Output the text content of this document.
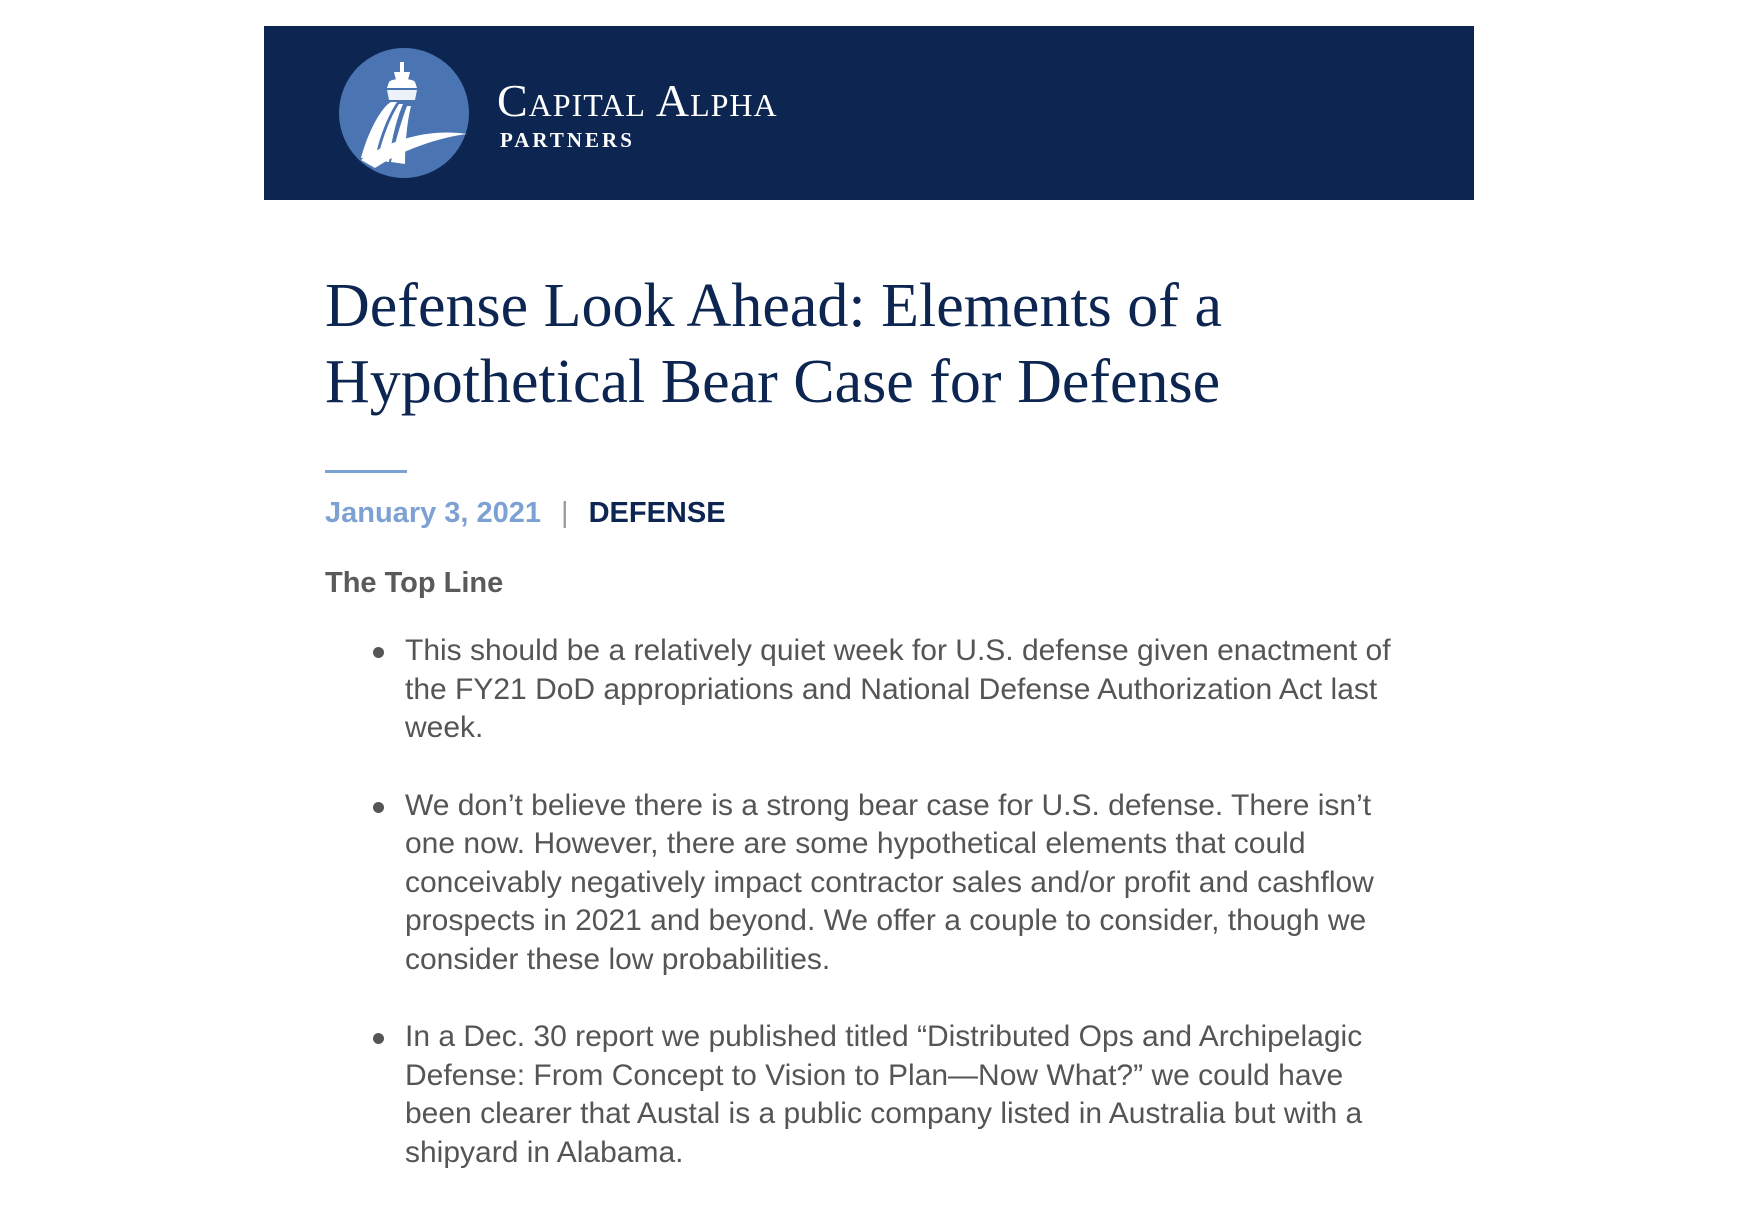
Capital Alpha
PARTNERS
Defense Look Ahead: Elements of a Hypothetical Bear Case for Defense
January 3, 2021 | DEFENSE
The Top Line
This should be a relatively quiet week for U.S. defense given enactment of the FY21 DoD appropriations and National Defense Authorization Act last week.
We don’t believe there is a strong bear case for U.S. defense. There isn’t one now. However, there are some hypothetical elements that could conceivably negatively impact contractor sales and/or profit and cashflow prospects in 2021 and beyond. We offer a couple to consider, though we consider these low probabilities.
In a Dec. 30 report we published titled “Distributed Ops and Archipelagic Defense: From Concept to Vision to Plan—Now What?” we could have been clearer that Austal is a public company listed in Australia but with a shipyard in Alabama.
